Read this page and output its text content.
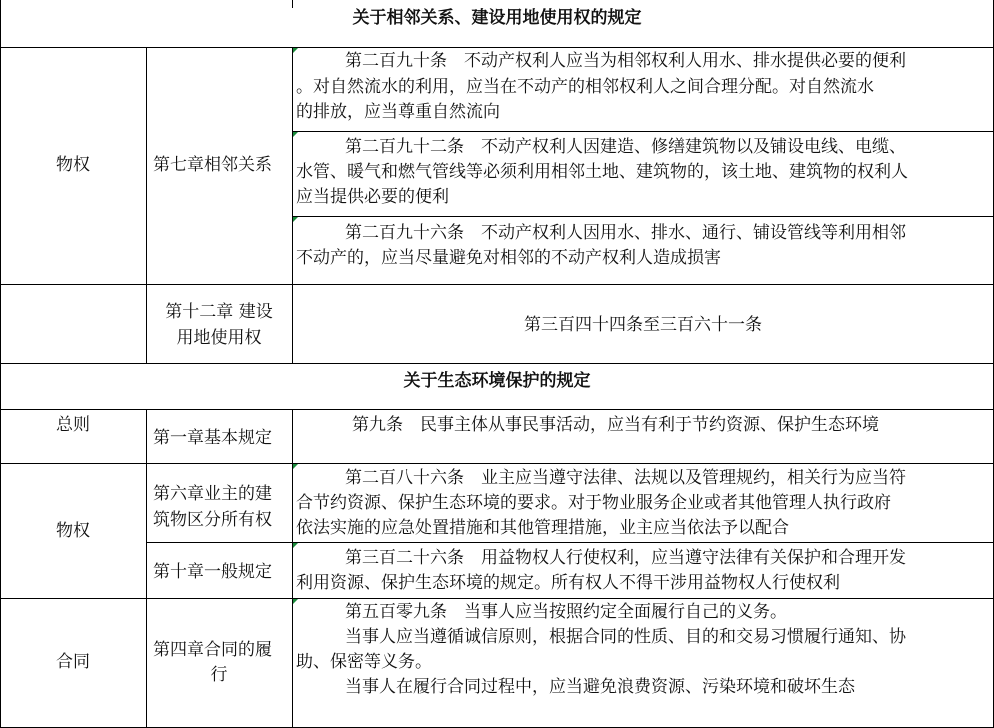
关于相邻关系、建设用地使用权的规定
物权	第七章相邻关系
第二百九十条　不动产权利人应当为相邻权利人用水、排水提供必要的便利
。对自然流水的利用，应当在不动产的相邻权利人之间合理分配。对自然流水
的排放，应当尊重自然流向
第二百九十二条　不动产权利人因建造、修缮建筑物以及铺设电线、电缆、
水管、暖气和燃气管线等必须利用相邻土地、建筑物的，该土地、建筑物的权利人
应当提供必要的便利
第二百九十六条　不动产权利人因用水、排水、通行、铺设管线等利用相邻
不动产的，应当尽量避免对相邻的不动产权利人造成损害
第十二章 建设
用地使用权
第三百四十四条至三百六十一条
关于生态环境保护的规定
总则
第一章基本规定
第九条　民事主体从事民事活动，应当有利于节约资源、保护生态环境
物权
第六章业主的建
筑物区分所有权
第二百八十六条　业主应当遵守法律、法规以及管理规约，相关行为应当符
合节约资源、保护生态环境的要求。对于物业服务企业或者其他管理人执行政府
依法实施的应急处置措施和其他管理措施，业主应当依法予以配合
第十章一般规定
第三百二十六条　用益物权人行使权利，应当遵守法律有关保护和合理开发
利用资源、保护生态环境的规定。所有权人不得干涉用益物权人行使权利
合同
第四章合同的履
行
第五百零九条　当事人应当按照约定全面履行自己的义务。
当事人应当遵循诚信原则，根据合同的性质、目的和交易习惯履行通知、协
助、保密等义务。
当事人在履行合同过程中，应当避免浪费资源、污染环境和破坏生态
